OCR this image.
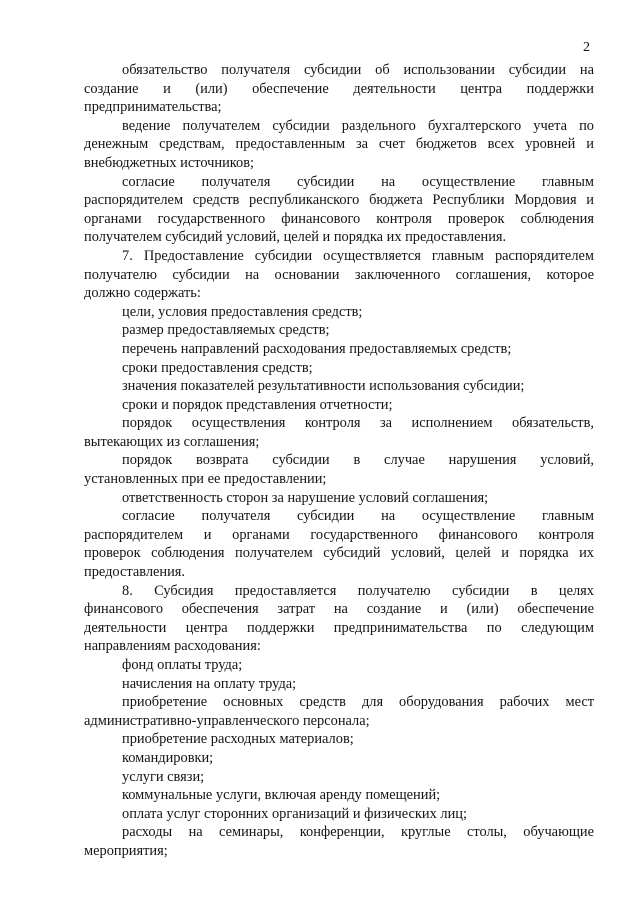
2
обязательство получателя субсидии об использовании субсидии на
создание и (или) обеспечение деятельности центра поддержки
предпринимательства;
ведение получателем субсидии раздельного бухгалтерского учета по
денежным средствам, предоставленным за счет бюджетов всех уровней и
внебюджетных источников;
согласие получателя субсидии на осуществление главным
распорядителем средств республиканского бюджета Республики Мордовия и
органами государственного финансового контроля проверок соблюдения
получателем субсидий условий, целей и порядка их предоставления.
7. Предоставление субсидии осуществляется главным распорядителем
получателю субсидии на основании заключенного соглашения, которое
должно содержать:
цели, условия предоставления средств;
размер предоставляемых средств;
перечень направлений расходования предоставляемых средств;
сроки предоставления средств;
значения показателей результативности использования субсидии;
сроки и порядок представления отчетности;
порядок осуществления контроля за исполнением обязательств,
вытекающих из соглашения;
порядок возврата субсидии в случае нарушения условий,
установленных при ее предоставлении;
ответственность сторон за нарушение условий соглашения;
согласие получателя субсидии на осуществление главным
распорядителем и органами государственного финансового контроля
проверок соблюдения получателем субсидий условий, целей и порядка их
предоставления.
8. Субсидия предоставляется получателю субсидии в целях
финансового обеспечения затрат на создание и (или) обеспечение
деятельности центра поддержки предпринимательства по следующим
направлениям расходования:
фонд оплаты труда;
начисления на оплату труда;
приобретение основных средств для оборудования рабочих мест
административно-управленческого персонала;
приобретение расходных материалов;
командировки;
услуги связи;
коммунальные услуги, включая аренду помещений;
оплата услуг сторонних организаций и физических лиц;
расходы на семинары, конференции, круглые столы, обучающие
мероприятия;
